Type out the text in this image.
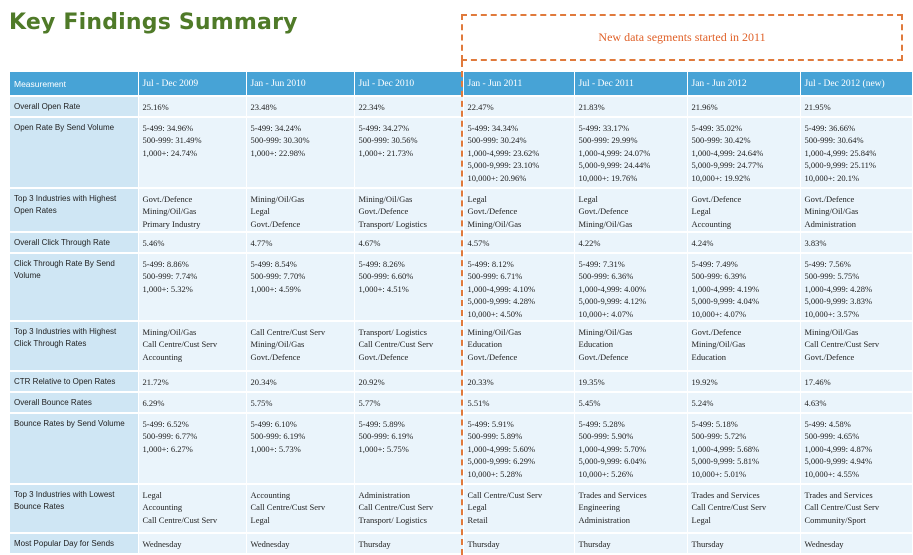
Key Findings Summary
New data segments started in 2011
Measurement	Jul - Dec 2009	Jan - Jun 2010	Jul - Dec 2010	Jan - Jun 2011	Jul - Dec 2011	Jan - Jun 2012	Jul - Dec 2012 (new)
Overall Open Rate	25.16%	23.48%	22.34%	22.47%	21.83%	21.96%	21.95%

Open Rate By Send Volume	5-499: 34.96%
500-999: 31.49%
1,000+: 24.74%	5-499: 34.24%
500-999: 30.30%
1,000+: 22.98%	5-499: 34.27%
500-999: 30.56%
1,000+: 21.73%	5-499: 34.34%
500-999: 30.24%
1,000-4,999: 23.62%
5,000-9,999: 23.10%
10,000+: 20.96%	5-499: 33.17%
500-999: 29.99%
1,000-4,999: 24.07%
5,000-9,999: 24.44%
10,000+: 19.76%	5-499: 35.02%
500-999: 30.42%
1,000-4,999: 24.64%
5,000-9,999: 24.77%
10,000+: 19.92%	5-499: 36.66%
500-999: 30.64%
1,000-4,999: 25.84%
5,000-9,999: 25.11%
10,000+: 20.1%

Top 3 Industries with Highest Open Rates	Govt./Defence
Mining/Oil/Gas
Primary Industry	Mining/Oil/Gas
Legal
Govt./Defence	Mining/Oil/Gas
Govt./Defence
Transport/ Logistics	Legal
Govt./Defence
Mining/Oil/Gas	Legal
Govt./Defence
Mining/Oil/Gas	Govt./Defence
Legal
Accounting	Govt./Defence
Mining/Oil/Gas
Administration

Overall Click Through Rate	5.46%	4.77%	4.67%	4.57%	4.22%	4.24%	3.83%

Click Through Rate By Send Volume	5-499: 8.86%
500-999: 7.74%
1,000+: 5.32%	5-499: 8.54%
500-999: 7.70%
1,000+: 4.59%	5-499: 8.26%
500-999: 6.60%
1,000+: 4.51%	5-499: 8.12%
500-999: 6.71%
1,000-4,999: 4.10%
5,000-9,999: 4.28%
10,000+: 4.50%	5-499: 7.31%
500-999: 6.36%
1,000-4,999: 4.00%
5,000-9,999: 4.12%
10,000+: 4.07%	5-499: 7.49%
500-999: 6.39%
1,000-4,999: 4.19%
5,000-9,999: 4.04%
10,000+: 4.07%	5-499: 7.56%
500-999: 5.75%
1,000-4,999: 4.28%
5,000-9,999: 3.83%
10,000+: 3.57%

Top 3 Industries with Highest Click Through Rates	Mining/Oil/Gas
Call Centre/Cust Serv
Accounting	Call Centre/Cust Serv
Mining/Oil/Gas
Govt./Defence	Transport/ Logistics
Call Centre/Cust Serv
Govt./Defence	Mining/Oil/Gas
Education
Govt./Defence	Mining/Oil/Gas
Education
Govt./Defence	Govt./Defence
Mining/Oil/Gas
Education	Mining/Oil/Gas
Call Centre/Cust Serv
Govt./Defence

CTR Relative to Open Rates	21.72%	20.34%	20.92%	20.33%	19.35%	19.92%	17.46%

Overall Bounce Rates	6.29%	5.75%	5.77%	5.51%	5.45%	5.24%	4.63%

Bounce Rates by Send Volume	5-499: 6.52%
500-999: 6.77%
1,000+: 6.27%	5-499: 6.10%
500-999: 6.19%
1,000+: 5.73%	5-499: 5.89%
500-999: 6.19%
1,000+: 5.75%	5-499: 5.91%
500-999: 5.89%
1,000-4,999: 5.60%
5,000-9,999: 6.29%
10,000+: 5.28%	5-499: 5.28%
500-999: 5.90%
1,000-4,999: 5.70%
5,000-9,999: 6.04%
10,000+: 5.26%	5-499: 5.18%
500-999: 5.72%
1,000-4,999: 5.68%
5,000-9,999: 5.81%
10,000+: 5.01%	5-499: 4.58%
500-999: 4.65%
1,000-4,999: 4.87%
5,000-9,999: 4.94%
10,000+: 4.55%

Top 3 Industries with Lowest Bounce Rates	Legal
Accounting
Call Centre/Cust Serv	Accounting
Call Centre/Cust Serv
Legal	Administration
Call Centre/Cust Serv
Transport/ Logistics	Call Centre/Cust Serv
Legal
Retail	Trades and Services
Engineering
Administration	Trades and Services
Call Centre/Cust Serv
Legal	Trades and Services
Call Centre/Cust Serv
Community/Sport

Most Popular Day for Sends	Wednesday	Wednesday	Thursday	Thursday	Thursday	Thursday	Wednesday
